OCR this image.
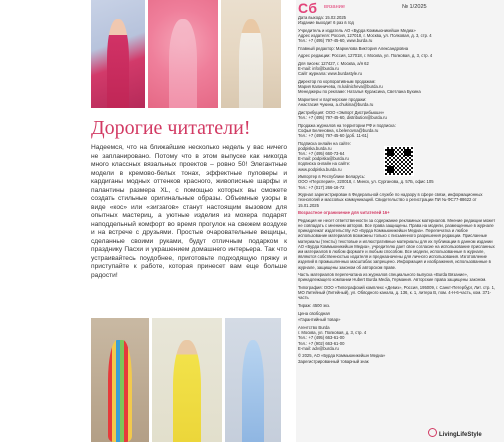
Дорогие читатели!

Надеемся, что на ближайшие несколько недель у вас ничего не запланировано. Потому что в этом выпуске как никогда много классных вязальных проектов – ровно 50! Элегантные модели в кремово-белых тонах, эффектные пуловеры и кардиганы модных оттенков красного, живописные шарфы и палантины размера XL, с помощью которых вы сможете создать стильные оригинальные образы. Объемные узоры в виде «кос» или «зигзагов» станут настоящим вызовом для опытных мастериц, а уютные изделия из мохера подарят наподдельный комфорт во время прогулок на свежем воздухе и на встрече с друзьями. Простые очаровательные вещицы, сделанные своими руками, будут отличным подарком к празднику Пасхи и украшением домашнего интерьера. Так что устраивайтесь поудобнее, приготовьте подходящую пряжу и приступайте к работе, которая принесет вам еще больше радости!

Сб вязание	№ 1/2025

Дата выхода: 15.02.2025
Издание выходит 6 раз в год

Учредитель и издатель АО «Бурда Коммьюникейшн Медиа»
Адрес издателя: Россия, 127018, г. Москва, ул. Полковая, д. 3, стр. 4
Тел.: +7 (495) 797-45-60, www.burda.ru

Главный редактор: Маркелова Виктория Александровна

Адрес редакции: Россия, 127018, г. Москва, ул. Полковая, д. 3, стр. 4

Для писем: 127427, г. Москва, а/я 62
E-mail: info@burda.ru
Сайт журнала: www.burdastyle.ru

Директор по корпоративным продажам:
Мария Калиничева, m.kalinicheva@burda.ru
Менеджеры по рекламе: Наталья Кураксина, Светлана Бухина

Маркетинг и партнерские продажи:
Анастасия Чукина, a.chukina@burda.ru

Дистрибуция: ООО «Эмпорт Дистрибьюшн»
Тел.: +7 (495) 797-45-60, distribution@burda.ru

Продажа журналов на территории РФ и подписка:
Софья Беленовна, s.belenovna@burda.ru
Тел.: +7 (495) 797-45-60 (доб. 11-61)

Подписка онлайн на сайте:
podpiska.burda.ru
Тел.: +7 (495) 660-73-64
E-mail: podpiska@burda.ru
подписка онлайн на сайте:
www.podpiska.burda.ru

Импортер в Республике Беларусь:
ООО «Персперия», 220018, г. Минск, ул. Сурганова, д. 57Б, офис 105
Тел.: +7 (017) 266-16-72

Журнал зарегистрирован в Федеральной службе по надзору в сфере связи, информационных технологий и массовых коммуникаций. Свидетельство о регистрации ПИ № ФС77-88622 от 15.01.2025

Возрастное ограничение для читателей 16+

Редакция не несет ответственности за содержание рекламных материалов. Мнение редакции может не совпадать с мнением авторов. Все права защищены. Права на модели, размещенные в журнале принадлежат издательству АО «Бурда Коммьюникейшн Медиа». Перепечатка и любое использование материалов возможны только с письменного разрешения редакции. Присланные материалы (тексты) текстовые и иллюстративные материалы для их публикации в данном издании АО «Бурда Коммьюникейшн Медиа», учредителю дает свое согласие на использование присланных им материалов в любом формате и любым способом. Все модели, использованные в журнале, являются собственностью издателя и предназначены для личного использования. Изготовление изделий в промышленных масштабах запрещено. Информация и изображения, использованные в журнале, защищены законом об авторском праве.

Часть материалов перепечатана из журналов специального выпуска «Burda Вязание», принадлежащего компании Hubert Burda Media, Германия. Авторские права защищены законом.

Типография: ООО «Типографский комплекс «Девиз», Россия, 195009, г. Санкт-Петербург, Лит. стр. 1, МО Литейный (Литейный), ул. Обводного канала, д. 136, к. 1, литера В, пом. 4-Н-6-часть, ком. 371-часть

Тираж: 4500 экз.

Цена свободная

«Гарантийный товар»

Агентство Burda
г. Москва, ул. Полковая, д. 3, стр. 4
Тел.: +7 (495) 663-61-00
Тел.: +7 (902) 663-61-00
E-mail: adv@burda.ru

© 2025, АО «Бурда Коммьюникейшн Медиа»
Зарегистрированный товарный знак

LivingLifeStyle
